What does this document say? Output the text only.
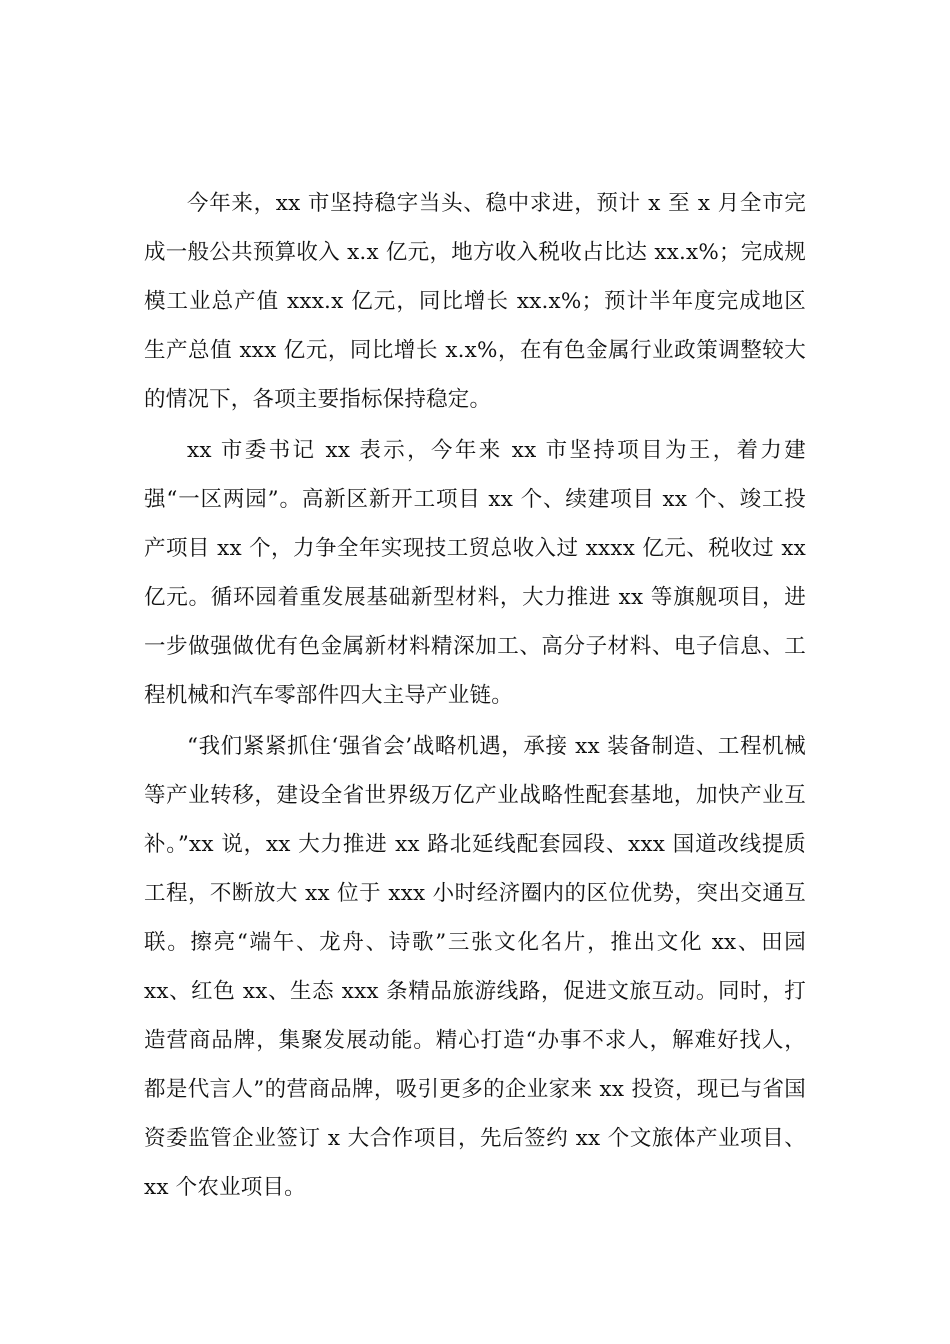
今年来，xx 市坚持稳字当头、稳中求进，预计 x 至 x 月全市完成一般公共预算收入 x.x 亿元，地方收入税收占比达 xx.x%；完成规模工业总产值 xxx.x 亿元，同比增长 xx.x%；预计半年度完成地区生产总值 xxx 亿元，同比增长 x.x%，在有色金属行业政策调整较大的情况下，各项主要指标保持稳定。

xx 市委书记 xx 表示，今年来 xx 市坚持项目为王，着力建强“一区两园”。高新区新开工项目 xx 个、续建项目 xx 个、竣工投产项目 xx 个，力争全年实现技工贸总收入过 xxxx 亿元、税收过 xx 亿元。循环园着重发展基础新型材料，大力推进 xx 等旗舰项目，进一步做强做优有色金属新材料精深加工、高分子材料、电子信息、工程机械和汽车零部件四大主导产业链。

“我们紧紧抓住‘强省会’战略机遇，承接 xx 装备制造、工程机械等产业转移，建设全省世界级万亿产业战略性配套基地，加快产业互补。”xx 说，xx 大力推进 xx 路北延线配套园段、xxx 国道改线提质工程，不断放大 xx 位于 xxx 小时经济圈内的区位优势，突出交通互联。擦亮“端午、龙舟、诗歌”三张文化名片，推出文化 xx、田园 xx、红色 xx、生态 xxx 条精品旅游线路，促进文旅互动。同时，打造营商品牌，集聚发展动能。精心打造“办事不求人，解难好找人，都是代言人”的营商品牌，吸引更多的企业家来 xx 投资，现已与省国资委监管企业签订 x 大合作项目，先后签约 xx 个文旅体产业项目、xx 个农业项目。
